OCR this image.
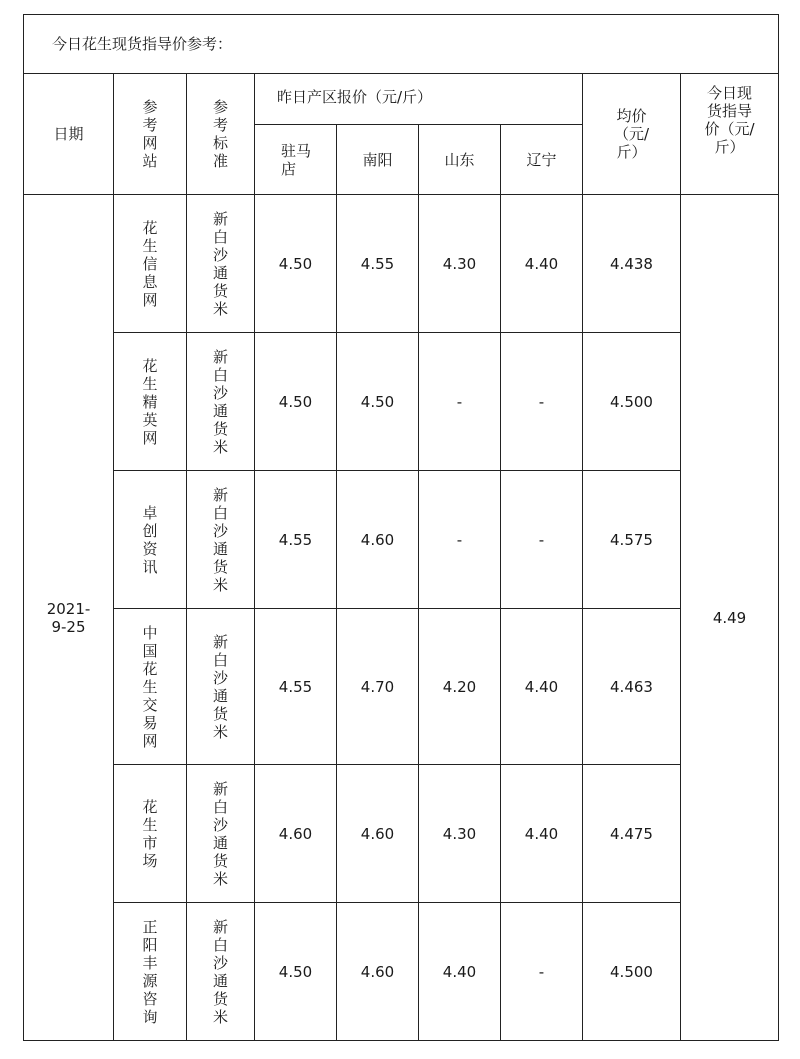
今日花生现货指导价参考：								
日期	参考网站	参考标准	昨日产区报价（元/斤）				均价（元/斤）	今日现货指导价（元/斤）
			驻马店	南阳	山东	辽宁		
2021-9-25	花生信息网	新白沙通货米	4.50	4.55	4.30	4.40	4.438	4.49
	花生精英网	新白沙通货米	4.50	4.50	-	-	4.500	
	卓创资讯	新白沙通货米	4.55	4.60	-	-	4.575	
	中国花生交易网	新白沙通货米	4.55	4.70	4.20	4.40	4.463	
	花生市场	新白沙通货米	4.60	4.60	4.30	4.40	4.475	
	正阳丰源咨询	新白沙通货米	4.50	4.60	4.40	-	4.500	
